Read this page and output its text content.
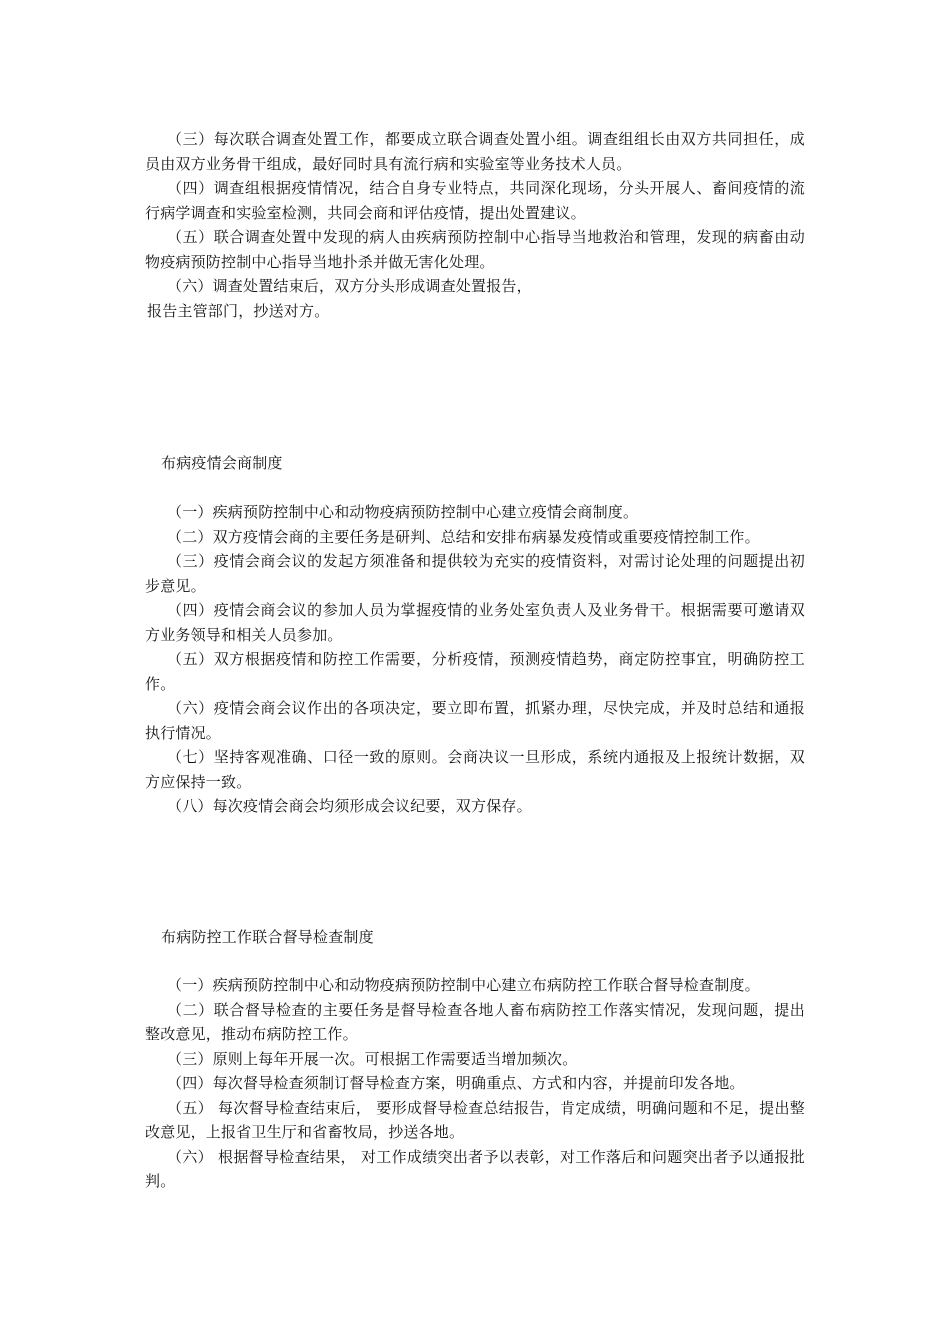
（三）每次联合调查处置工作，都要成立联合调查处置小组。调查组组长由双方共同担任，成员由双方业务骨干组成，最好同时具有流行病和实验室等业务技术人员。

（四）调查组根据疫情情况，结合自身专业特点，共同深化现场，分头开展人、畜间疫情的流行病学调查和实验室检测，共同会商和评估疫情，提出处置建议。

（五）联合调查处置中发现的病人由疾病预防控制中心指导当地救治和管理，发现的病畜由动物疫病预防控制中心指导当地扑杀并做无害化处理。

（六）调查处置结束后，双方分头形成调查处置报告，

报告主管部门，抄送对方。

布病疫情会商制度

（一）疾病预防控制中心和动物疫病预防控制中心建立疫情会商制度。

（二）双方疫情会商的主要任务是研判、总结和安排布病暴发疫情或重要疫情控制工作。

（三）疫情会商会议的发起方须准备和提供较为充实的疫情资料，对需讨论处理的问题提出初步意见。

（四）疫情会商会议的参加人员为掌握疫情的业务处室负责人及业务骨干。根据需要可邀请双方业务领导和相关人员参加。

（五）双方根据疫情和防控工作需要，分析疫情，预测疫情趋势，商定防控事宜，明确防控工作。

（六）疫情会商会议作出的各项决定，要立即布置，抓紧办理，尽快完成，并及时总结和通报执行情况。

（七）坚持客观准确、口径一致的原则。会商决议一旦形成，系统内通报及上报统计数据，双方应保持一致。

（八）每次疫情会商会均须形成会议纪要，双方保存。

布病防控工作联合督导检查制度

（一）疾病预防控制中心和动物疫病预防控制中心建立布病防控工作联合督导检查制度。

（二）联合督导检查的主要任务是督导检查各地人畜布病防控工作落实情况，发现问题，提出整改意见，推动布病防控工作。

（三）原则上每年开展一次。可根据工作需要适当增加频次。

（四）每次督导检查须制订督导检查方案，明确重点、方式和内容，并提前印发各地。

（五） 每次督导检查结束后， 要形成督导检查总结报告，肯定成绩，明确问题和不足，提出整改意见，上报省卫生厅和省畜牧局，抄送各地。

（六） 根据督导检查结果， 对工作成绩突出者予以表彰，对工作落后和问题突出者予以通报批判。
